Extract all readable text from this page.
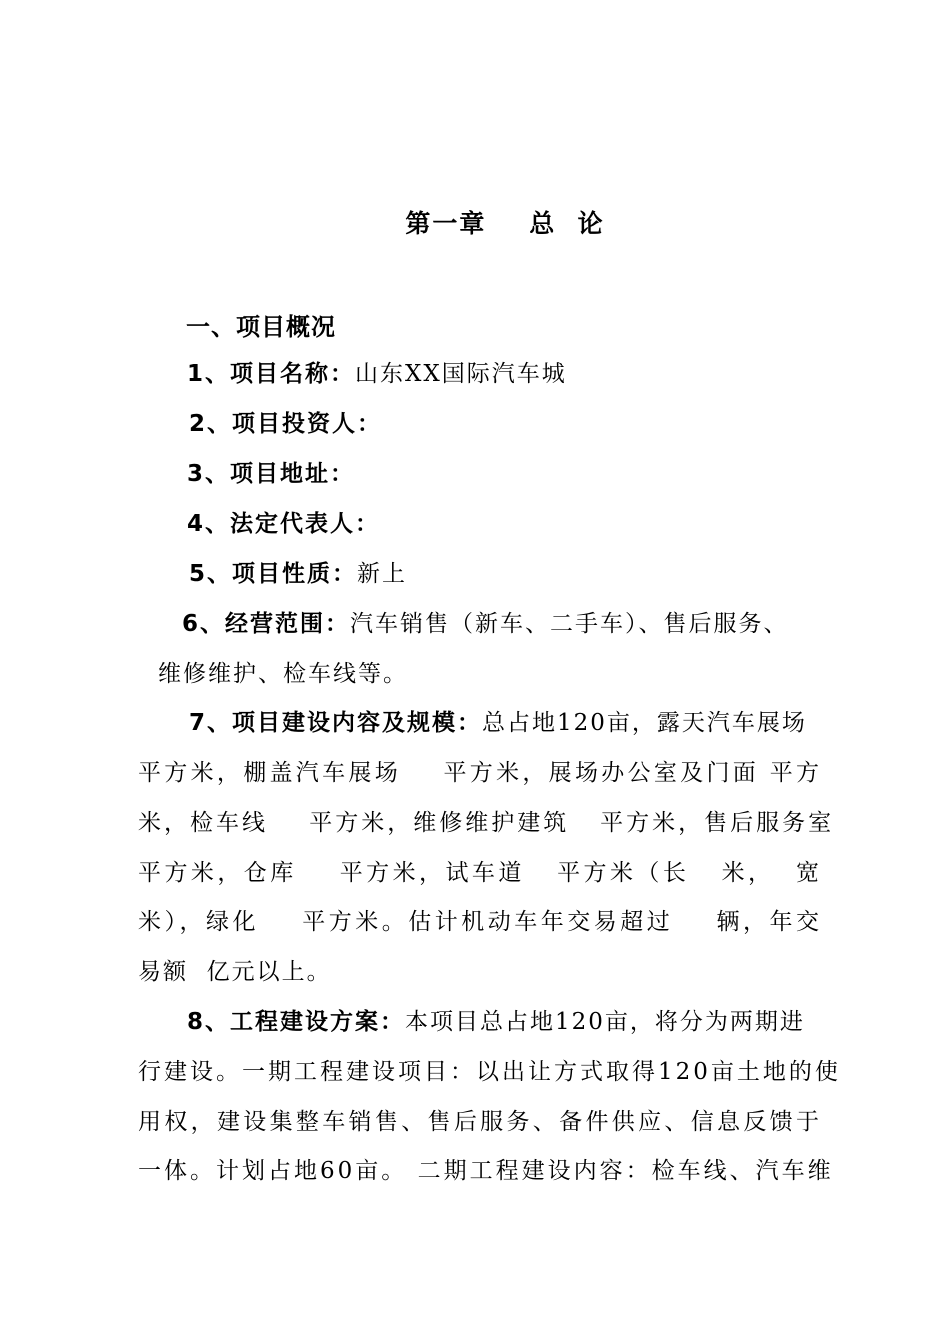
第一章    总  论
一、项目概况
1、项目名称：山东XX国际汽车城
2、项目投资人：
3、项目地址：
4、法定代表人：
5、项目性质：新上
6、经营范围：汽车销售（新车、二手车）、售后服务、
维修维护、检车线等。
7、项目建设内容及规模：总占地120亩，露天汽车展场
平方米，棚盖汽车展场    平方米，展场办公室及门面 平方
米，检车线    平方米，维修维护建筑   平方米，售后服务室
平方米，仓库    平方米，试车道   平方米（长   米，  宽
米），绿化    平方米。估计机动车年交易超过    辆，年交
易额  亿元以上。
8、工程建设方案：本项目总占地120亩，将分为两期进
行建设。一期工程建设项目：以出让方式取得120亩土地的使
用权，建设集整车销售、售后服务、备件供应、信息反馈于
一体。计划占地60亩。 二期工程建设内容：检车线、汽车维
